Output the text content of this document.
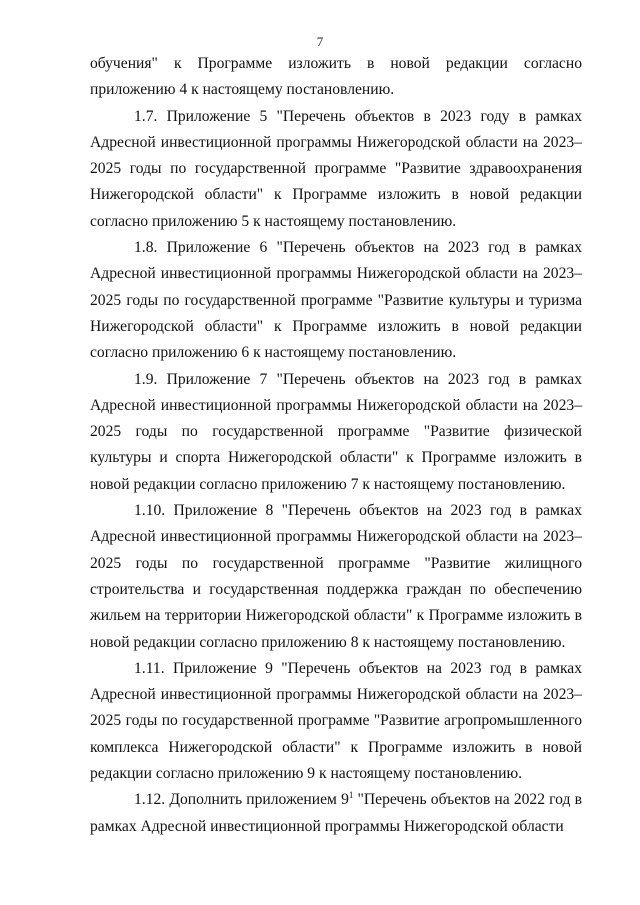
7

обучения" к Программе изложить в новой редакции согласно приложению 4 к настоящему постановлению.

1.7. Приложение 5 "Перечень объектов в 2023 году в рамках Адресной инвестиционной программы Нижегородской области на 2023–2025 годы по государственной программе "Развитие здравоохранения Нижегородской области" к Программе изложить в новой редакции согласно приложению 5 к настоящему постановлению.

1.8. Приложение 6 "Перечень объектов на 2023 год в рамках Адресной инвестиционной программы Нижегородской области на 2023–2025 годы по государственной программе "Развитие культуры и туризма Нижегородской области" к Программе изложить в новой редакции согласно приложению 6 к настоящему постановлению.

1.9. Приложение 7 "Перечень объектов на 2023 год в рамках Адресной инвестиционной программы Нижегородской области на 2023–2025 годы по государственной программе "Развитие физической культуры и спорта Нижегородской области" к Программе изложить в новой редакции согласно приложению 7 к настоящему постановлению.

1.10. Приложение 8 "Перечень объектов на 2023 год в рамках Адресной инвестиционной программы Нижегородской области на 2023–2025 годы по государственной программе "Развитие жилищного строительства и государственная поддержка граждан по обеспечению жильем на территории Нижегородской области" к Программе изложить в новой редакции согласно приложению 8 к настоящему постановлению.

1.11. Приложение 9 "Перечень объектов на 2023 год в рамках Адресной инвестиционной программы Нижегородской области на 2023–2025 годы по государственной программе "Развитие агропромышленного комплекса Нижегородской области" к Программе изложить в новой редакции согласно приложению 9 к настоящему постановлению.

1.12. Дополнить приложением $9^1$ "Перечень объектов на 2022 год в рамках Адресной инвестиционной программы Нижегородской области
